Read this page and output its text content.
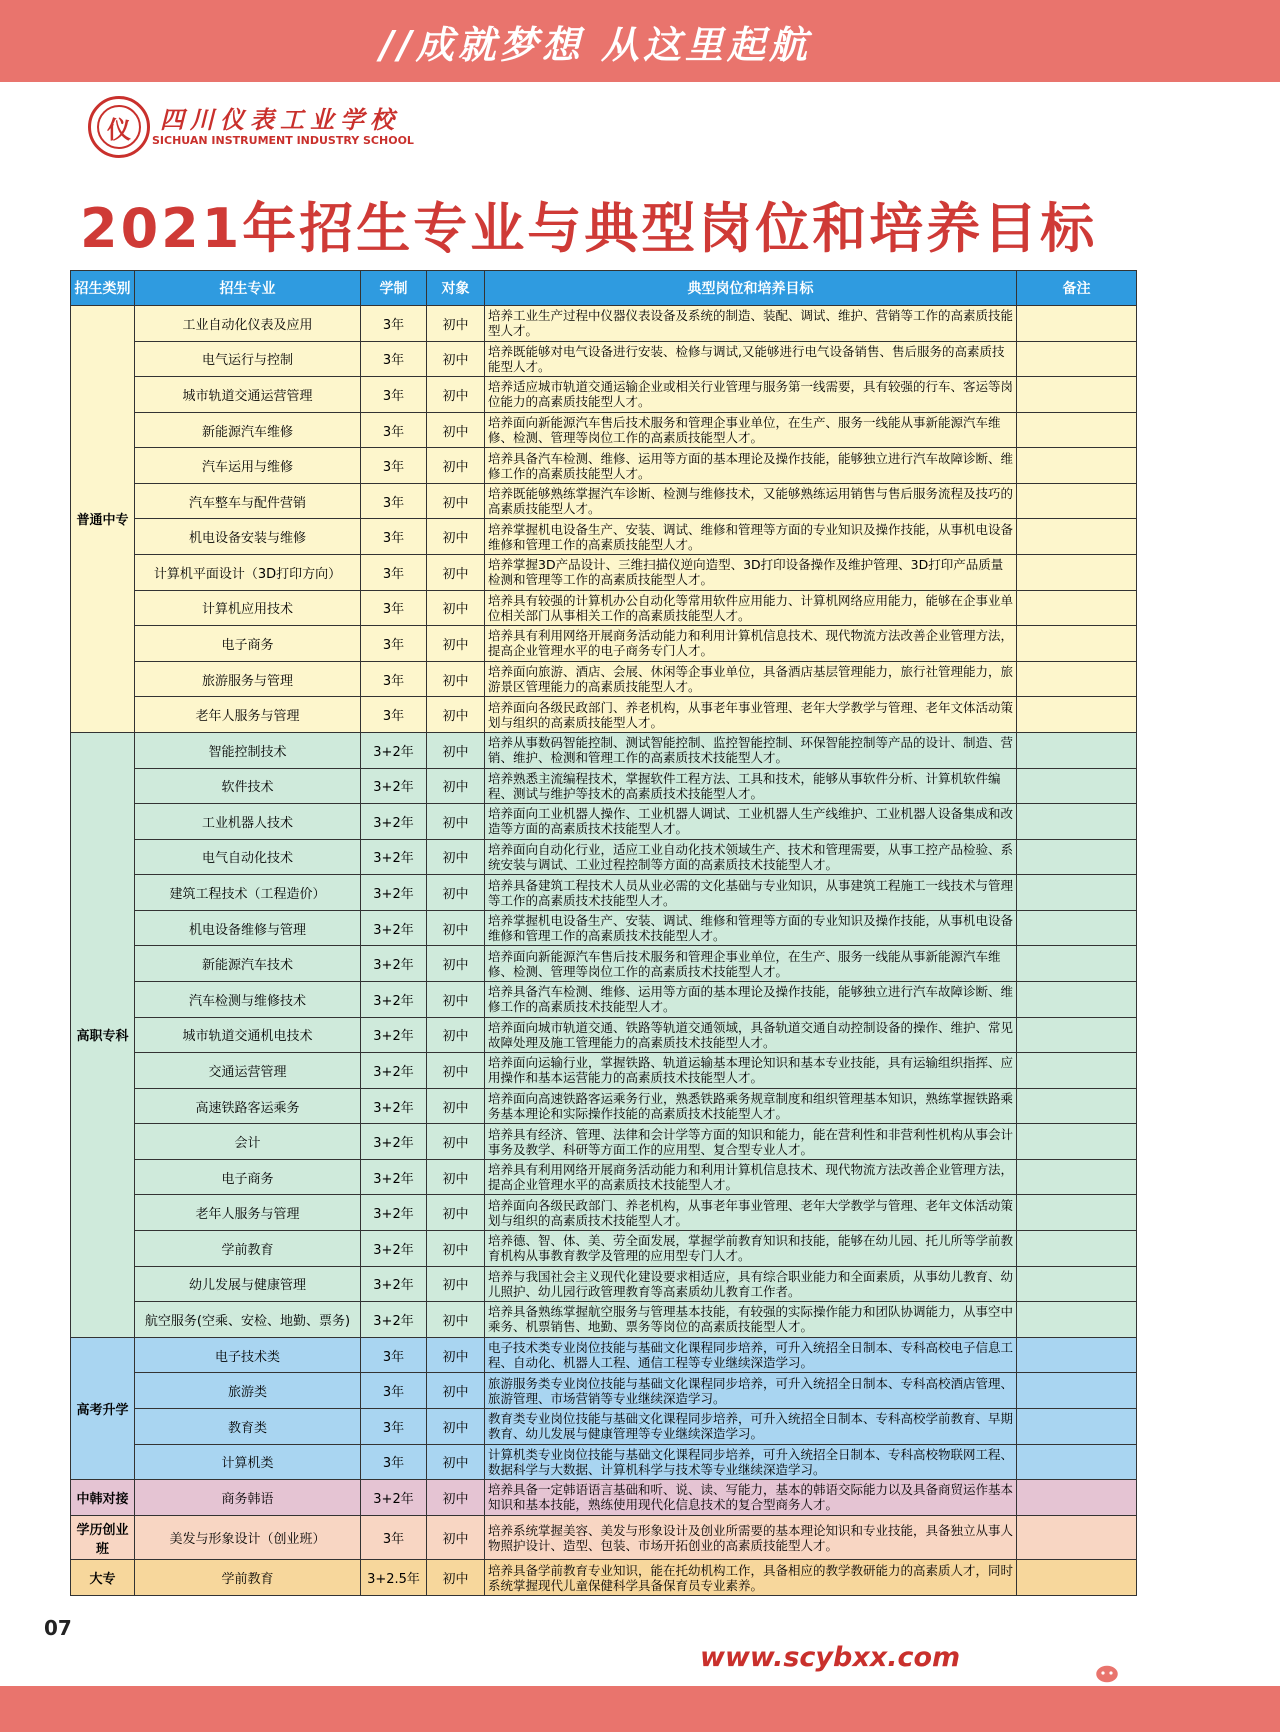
//成就梦想 从这里起航
仪	四川仪表工业学校
SICHUAN INSTRUMENT INDUSTRY SCHOOL
2021年招生专业与典型岗位和培养目标
招生类别	招生专业	学制	对象	典型岗位和培养目标	备注
普通中专	工业自动化仪表及应用	3年	初中	培养工业生产过程中仪器仪表设备及系统的制造、装配、调试、维护、营销等工作的高素质技能型人才。	
	电气运行与控制	3年	初中	培养既能够对电气设备进行安装、检修与调试,又能够进行电气设备销售、售后服务的高素质技能型人才。	
	城市轨道交通运营管理	3年	初中	培养适应城市轨道交通运输企业或相关行业管理与服务第一线需要，具有较强的行车、客运等岗位能力的高素质技能型人才。	
	新能源汽车维修	3年	初中	培养面向新能源汽车售后技术服务和管理企事业单位，在生产、服务一线能从事新能源汽车维修、检测、管理等岗位工作的高素质技能型人才。	
	汽车运用与维修	3年	初中	培养具备汽车检测、维修、运用等方面的基本理论及操作技能，能够独立进行汽车故障诊断、维修工作的高素质技能型人才。	
	汽车整车与配件营销	3年	初中	培养既能够熟练掌握汽车诊断、检测与维修技术，又能够熟练运用销售与售后服务流程及技巧的高素质技能型人才。	
	机电设备安装与维修	3年	初中	培养掌握机电设备生产、安装、调试、维修和管理等方面的专业知识及操作技能，从事机电设备维修和管理工作的高素质技能型人才。	
	计算机平面设计（3D打印方向）	3年	初中	培养掌握3D产品设计、三维扫描仪逆向造型、3D打印设备操作及维护管理、3D打印产品质量检测和管理等工作的高素质技能型人才。	
	计算机应用技术	3年	初中	培养具有较强的计算机办公自动化等常用软件应用能力、计算机网络应用能力，能够在企事业单位相关部门从事相关工作的高素质技能型人才。	
	电子商务	3年	初中	培养具有利用网络开展商务活动能力和利用计算机信息技术、现代物流方法改善企业管理方法，提高企业管理水平的电子商务专门人才。	
	旅游服务与管理	3年	初中	培养面向旅游、酒店、会展、休闲等企事业单位，具备酒店基层管理能力，旅行社管理能力，旅游景区管理能力的高素质技能型人才。	
	老年人服务与管理	3年	初中	培养面向各级民政部门、养老机构，从事老年事业管理、老年大学教学与管理、老年文体活动策划与组织的高素质技能型人才。	
高职专科	智能控制技术	3+2年	初中	培养从事数码智能控制、测试智能控制、监控智能控制、环保智能控制等产品的设计、制造、营销、维护、检测和管理工作的高素质技术技能型人才。	
	软件技术	3+2年	初中	培养熟悉主流编程技术，掌握软件工程方法、工具和技术，能够从事软件分析、计算机软件编程、测试与维护等技术的高素质技术技能型人才。	
	工业机器人技术	3+2年	初中	培养面向工业机器人操作、工业机器人调试、工业机器人生产线维护、工业机器人设备集成和改造等方面的高素质技术技能型人才。	
	电气自动化技术	3+2年	初中	培养面向自动化行业，适应工业自动化技术领域生产、技术和管理需要，从事工控产品检验、系统安装与调试、工业过程控制等方面的高素质技术技能型人才。	
	建筑工程技术（工程造价）	3+2年	初中	培养具备建筑工程技术人员从业必需的文化基础与专业知识，从事建筑工程施工一线技术与管理等工作的高素质技术技能型人才。	
	机电设备维修与管理	3+2年	初中	培养掌握机电设备生产、安装、调试、维修和管理等方面的专业知识及操作技能，从事机电设备维修和管理工作的高素质技术技能型人才。	
	新能源汽车技术	3+2年	初中	培养面向新能源汽车售后技术服务和管理企事业单位，在生产、服务一线能从事新能源汽车维修、检测、管理等岗位工作的高素质技术技能型人才。	
	汽车检测与维修技术	3+2年	初中	培养具备汽车检测、维修、运用等方面的基本理论及操作技能，能够独立进行汽车故障诊断、维修工作的高素质技术技能型人才。	
	城市轨道交通机电技术	3+2年	初中	培养面向城市轨道交通、铁路等轨道交通领域，具备轨道交通自动控制设备的操作、维护、常见故障处理及施工管理能力的高素质技术技能型人才。	
	交通运营管理	3+2年	初中	培养面向运输行业，掌握铁路、轨道运输基本理论知识和基本专业技能，具有运输组织指挥、应用操作和基本运营能力的高素质技术技能型人才。	
	高速铁路客运乘务	3+2年	初中	培养面向高速铁路客运乘务行业，熟悉铁路乘务规章制度和组织管理基本知识，熟练掌握铁路乘务基本理论和实际操作技能的高素质技术技能型人才。	
	会计	3+2年	初中	培养具有经济、管理、法律和会计学等方面的知识和能力，能在营利性和非营利性机构从事会计事务及教学、科研等方面工作的应用型、复合型专业人才。	
	电子商务	3+2年	初中	培养具有利用网络开展商务活动能力和利用计算机信息技术、现代物流方法改善企业管理方法，提高企业管理水平的高素质技术技能型人才。	
	老年人服务与管理	3+2年	初中	培养面向各级民政部门、养老机构，从事老年事业管理、老年大学教学与管理、老年文体活动策划与组织的高素质技术技能型人才。	
	学前教育	3+2年	初中	培养德、智、体、美、劳全面发展，掌握学前教育知识和技能，能够在幼儿园、托儿所等学前教育机构从事教育教学及管理的应用型专门人才。	
	幼儿发展与健康管理	3+2年	初中	培养与我国社会主义现代化建设要求相适应，具有综合职业能力和全面素质，从事幼儿教育、幼儿照护、幼儿园行政管理教育等高素质幼儿教育工作者。	
	航空服务(空乘、安检、地勤、票务)	3+2年	初中	培养具备熟练掌握航空服务与管理基本技能，有较强的实际操作能力和团队协调能力，从事空中乘务、机票销售、地勤、票务等岗位的高素质技能型人才。	
高考升学	电子技术类	3年	初中	电子技术类专业岗位技能与基础文化课程同步培养，可升入统招全日制本、专科高校电子信息工程、自动化、机器人工程、通信工程等专业继续深造学习。	
	旅游类	3年	初中	旅游服务类专业岗位技能与基础文化课程同步培养，可升入统招全日制本、专科高校酒店管理、旅游管理、市场营销等专业继续深造学习。	
	教育类	3年	初中	教育类专业岗位技能与基础文化课程同步培养，可升入统招全日制本、专科高校学前教育、早期教育、幼儿发展与健康管理等专业继续深造学习。	
	计算机类	3年	初中	计算机类专业岗位技能与基础文化课程同步培养，可升入统招全日制本、专科高校物联网工程、数据科学与大数据、计算机科学与技术等专业继续深造学习。	
中韩对接	商务韩语	3+2年	初中	培养具备一定韩语语言基础和听、说、读、写能力，基本的韩语交际能力以及具备商贸运作基本知识和基本技能，熟练使用现代化信息技术的复合型商务人才。	
学历创业班	美发与形象设计（创业班）	3年	初中	培养系统掌握美容、美发与形象设计及创业所需要的基本理论知识和专业技能，具备独立从事人物照护设计、造型、包装、市场开拓创业的高素质技能型人才。	
大专	学前教育	3+2.5年	初中	培养具备学前教育专业知识，能在托幼机构工作，具备相应的教学教研能力的高素质人才，同时系统掌握现代儿童保健科学具备保育员专业素养。	
07
www.scybxx.com
仪文化
